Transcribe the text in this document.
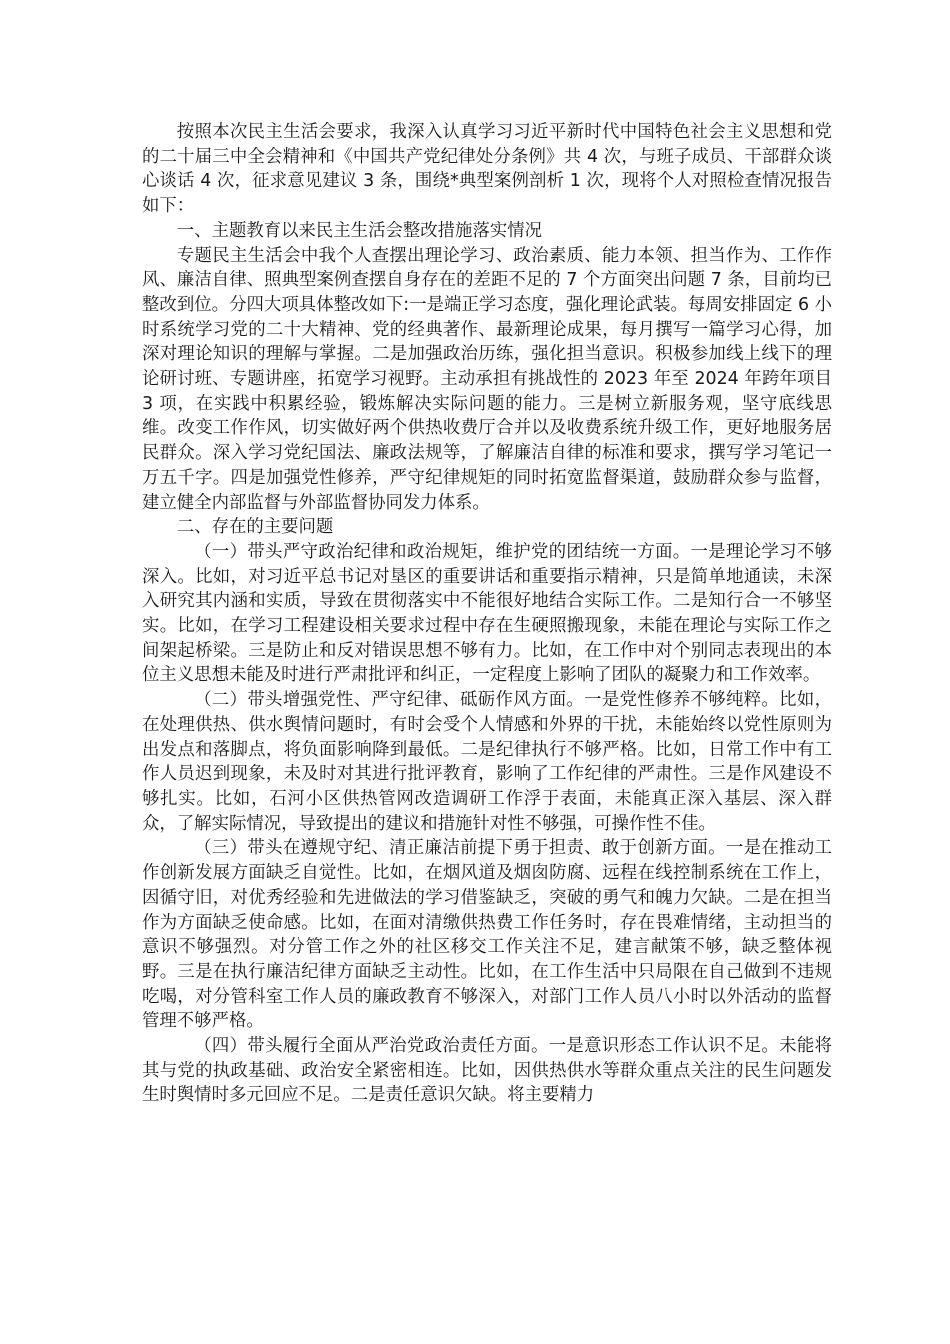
按照本次民主生活会要求，我深入认真学习习近平新时代中国特色社会主义思想和党的二十届三中全会精神和《中国共产党纪律处分条例》共 4 次，与班子成员、干部群众谈心谈话 4 次，征求意见建议 3 条，围绕*典型案例剖析 1 次，现将个人对照检查情况报告如下：

一、主题教育以来民主生活会整改措施落实情况

专题民主生活会中我个人查摆出理论学习、政治素质、能力本领、担当作为、工作作风、廉洁自律、照典型案例查摆自身存在的差距不足的 7 个方面突出问题 7 条，目前均已整改到位。分四大项具体整改如下:一是端正学习态度，强化理论武装。每周安排固定 6 小时系统学习党的二十大精神、党的经典著作、最新理论成果，每月撰写一篇学习心得，加深对理论知识的理解与掌握。二是加强政治历练，强化担当意识。积极参加线上线下的理论研讨班、专题讲座，拓宽学习视野。主动承担有挑战性的 2023 年至 2024 年跨年项目 3 项，在实践中积累经验，锻炼解决实际问题的能力。三是树立新服务观，坚守底线思维。改变工作作风，切实做好两个供热收费厅合并以及收费系统升级工作，更好地服务居民群众。深入学习党纪国法、廉政法规等，了解廉洁自律的标准和要求，撰写学习笔记一万五千字。四是加强党性修养，严守纪律规矩的同时拓宽监督渠道，鼓励群众参与监督，建立健全内部监督与外部监督协同发力体系。

二、存在的主要问题

（一）带头严守政治纪律和政治规矩，维护党的团结统一方面。一是理论学习不够深入。比如，对习近平总书记对垦区的重要讲话和重要指示精神，只是简单地通读，未深入研究其内涵和实质，导致在贯彻落实中不能很好地结合实际工作。二是知行合一不够坚实。比如，在学习工程建设相关要求过程中存在生硬照搬现象，未能在理论与实际工作之间架起桥梁。三是防止和反对错误思想不够有力。比如，在工作中对个别同志表现出的本位主义思想未能及时进行严肃批评和纠正，一定程度上影响了团队的凝聚力和工作效率。

（二）带头增强党性、严守纪律、砥砺作风方面。一是党性修养不够纯粹。比如，在处理供热、供水舆情问题时，有时会受个人情感和外界的干扰，未能始终以党性原则为出发点和落脚点，将负面影响降到最低。二是纪律执行不够严格。比如，日常工作中有工作人员迟到现象，未及时对其进行批评教育，影响了工作纪律的严肃性。三是作风建设不够扎实。比如，石河小区供热管网改造调研工作浮于表面，未能真正深入基层、深入群众，了解实际情况，导致提出的建议和措施针对性不够强，可操作性不佳。

（三）带头在遵规守纪、清正廉洁前提下勇于担责、敢于创新方面。一是在推动工作创新发展方面缺乏自觉性。比如，在烟风道及烟囱防腐、远程在线控制系统在工作上，因循守旧，对优秀经验和先进做法的学习借鉴缺乏，突破的勇气和魄力欠缺。二是在担当作为方面缺乏使命感。比如，在面对清缴供热费工作任务时，存在畏难情绪，主动担当的意识不够强烈。对分管工作之外的社区移交工作关注不足，建言献策不够，缺乏整体视野。三是在执行廉洁纪律方面缺乏主动性。比如，在工作生活中只局限在自己做到不违规吃喝，对分管科室工作人员的廉政教育不够深入，对部门工作人员八小时以外活动的监督管理不够严格。

（四）带头履行全面从严治党政治责任方面。一是意识形态工作认识不足。未能将其与党的执政基础、政治安全紧密相连。比如，因供热供水等群众重点关注的民生问题发生时舆情时多元回应不足。二是责任意识欠缺。将主要精力
